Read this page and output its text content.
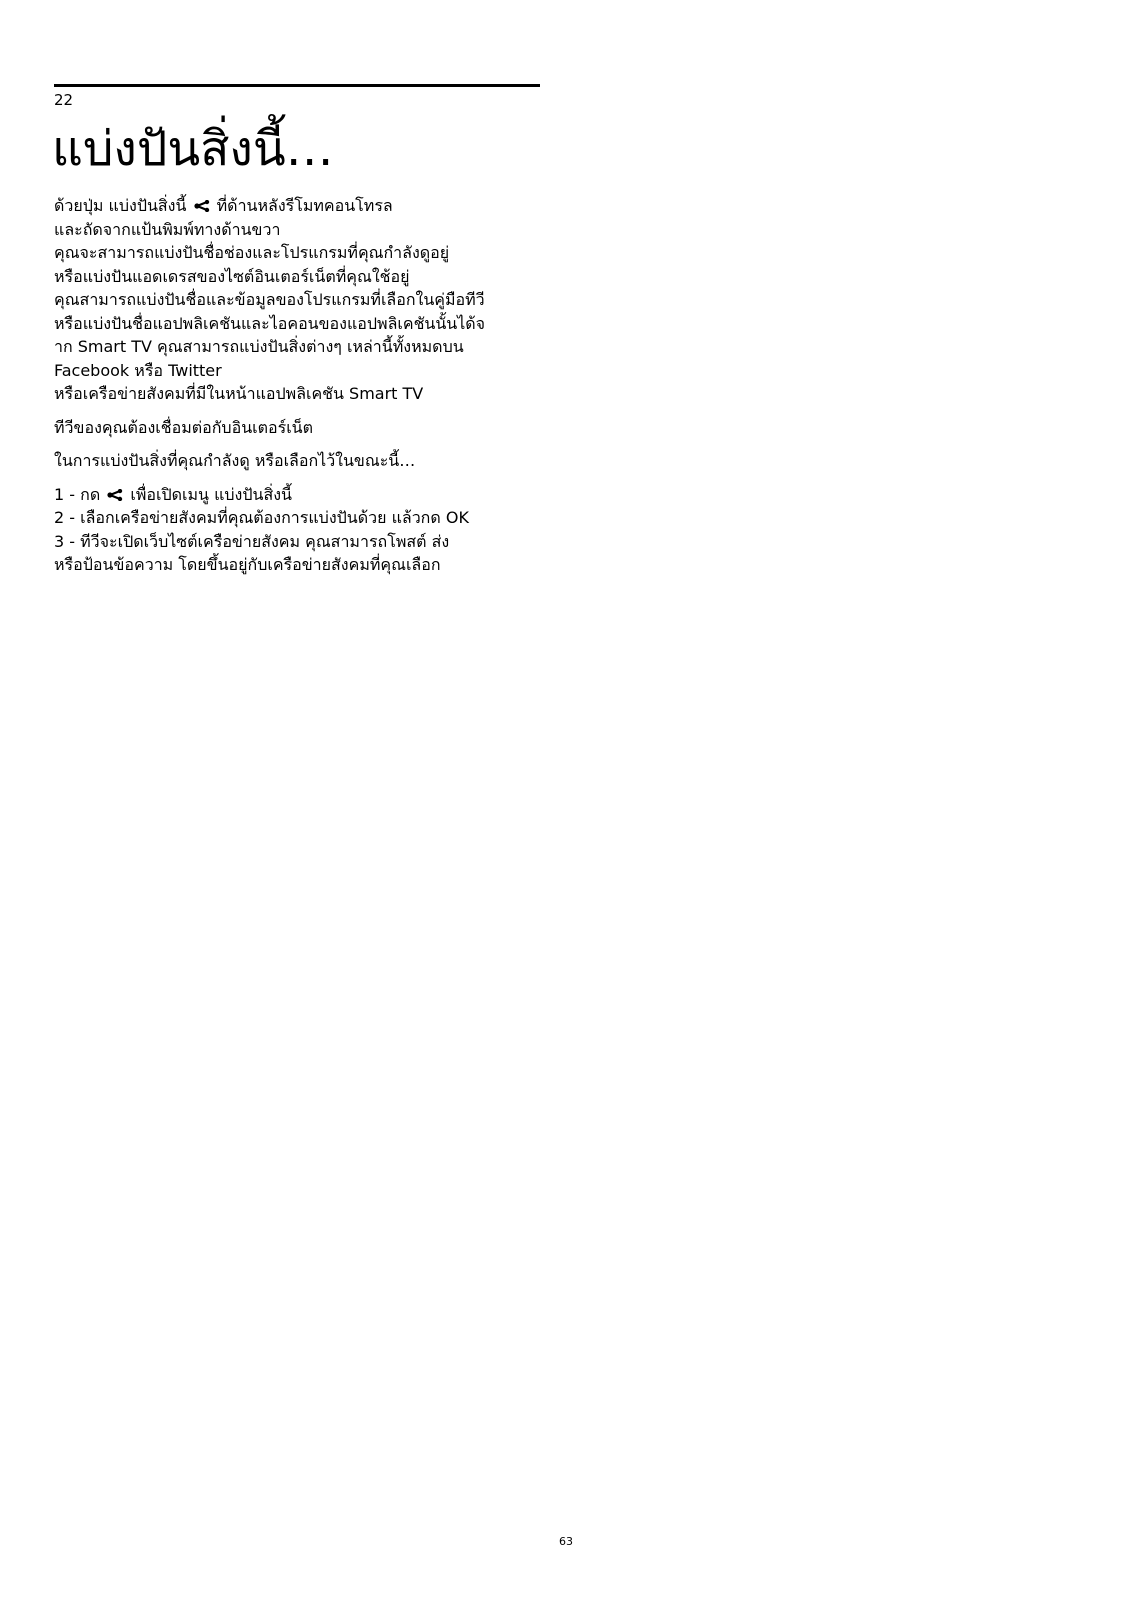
22
แบ่งปันสิ่งนี้…

ด้วยปุ่ม แบ่งปันสิ่งนี้ ที่ด้านหลังรีโมทคอนโทรล
และถัดจากแป้นพิมพ์ทางด้านขวา
คุณจะสามารถแบ่งปันชื่อช่องและโปรแกรมที่คุณกำลังดูอยู่
หรือแบ่งปันแอดเดรสของไซต์อินเตอร์เน็ตที่คุณใช้อยู่
คุณสามารถแบ่งปันชื่อและข้อมูลของโปรแกรมที่เลือกในคู่มือทีวี
หรือแบ่งปันชื่อแอปพลิเคชันและไอคอนของแอปพลิเคชันนั้นได้จ
าก Smart TV คุณสามารถแบ่งปันสิ่งต่างๆ เหล่านี้ทั้งหมดบน
Facebook หรือ Twitter
หรือเครือข่ายสังคมที่มีในหน้าแอปพลิเคชัน Smart TV

ทีวีของคุณต้องเชื่อมต่อกับอินเตอร์เน็ต

ในการแบ่งปันสิ่งที่คุณกำลังดู หรือเลือกไว้ในขณะนี้…

1 - กด เพื่อเปิดเมนู แบ่งปันสิ่งนี้
2 - เลือกเครือข่ายสังคมที่คุณต้องการแบ่งปันด้วย แล้วกด OK
3 - ทีวีจะเปิดเว็บไซต์เครือข่ายสังคม คุณสามารถโพสต์ ส่ง
หรือป้อนข้อความ โดยขึ้นอยู่กับเครือข่ายสังคมที่คุณเลือก

63
